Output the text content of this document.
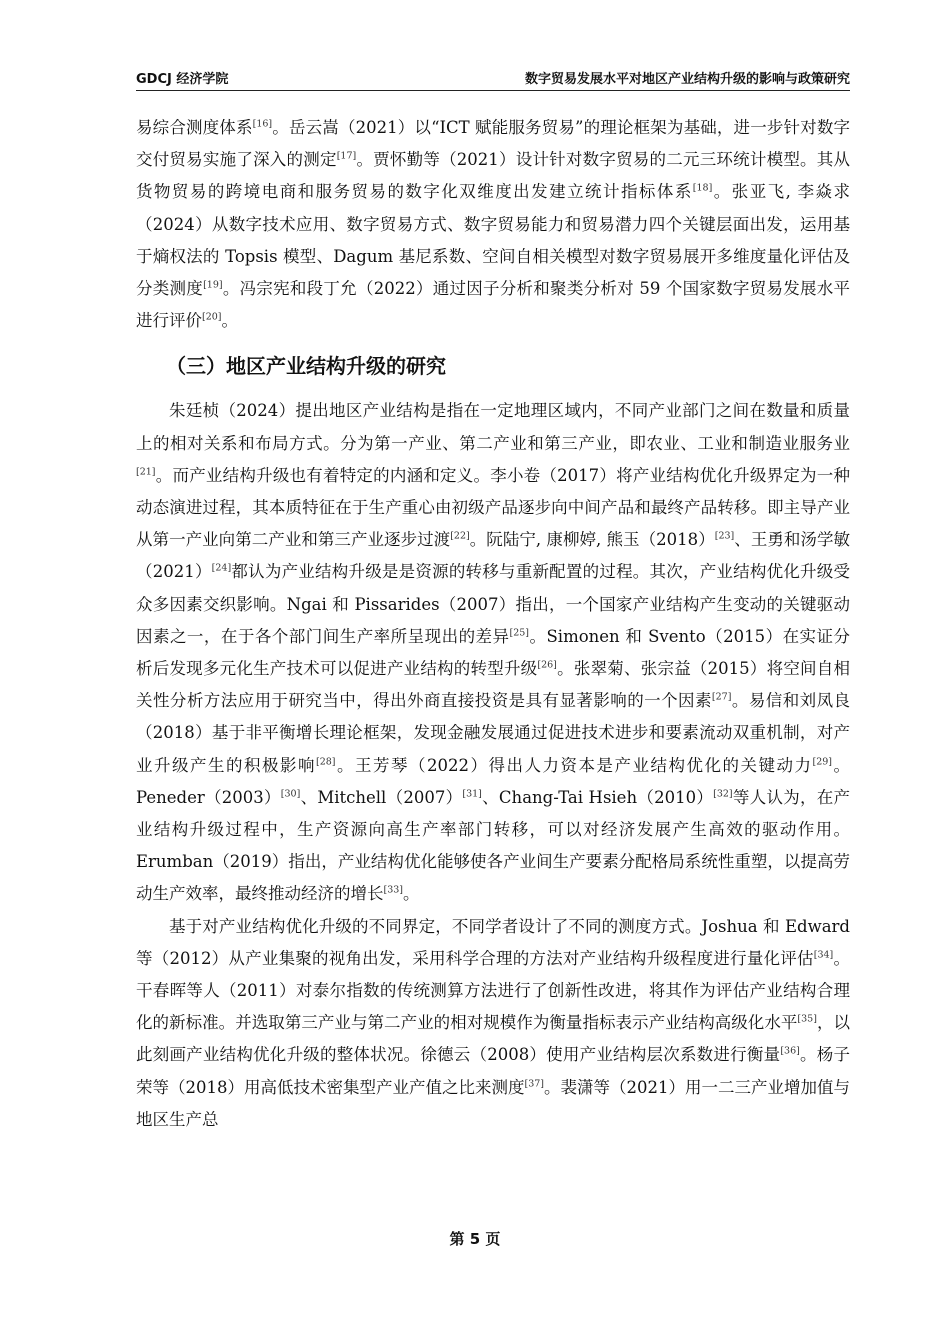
GDCJ 经济学院	数字贸易发展水平对地区产业结构升级的影响与政策研究

易综合测度体系[16]。岳云嵩（2021）以“ICT 赋能服务贸易”的理论框架为基础，进一步针对数字交付贸易实施了深入的测定[17]。贾怀勤等（2021）设计针对数字贸易的二元三环统计模型。其从货物贸易的跨境电商和服务贸易的数字化双维度出发建立统计指标体系[18]。张亚飞, 李焱求（2024）从数字技术应用、数字贸易方式、数字贸易能力和贸易潜力四个关键层面出发，运用基于熵权法的 Topsis 模型、Dagum 基尼系数、空间自相关模型对数字贸易展开多维度量化评估及分类测度[19]。冯宗宪和段丁允（2022）通过因子分析和聚类分析对 59 个国家数字贸易发展水平进行评价[20]。

（三）地区产业结构升级的研究

朱廷桢（2024）提出地区产业结构是指在一定地理区域内，不同产业部门之间在数量和质量上的相对关系和布局方式。分为第一产业、第二产业和第三产业，即农业、工业和制造业服务业[21]。而产业结构升级也有着特定的内涵和定义。李小卷（2017）将产业结构优化升级界定为一种动态演进过程，其本质特征在于生产重心由初级产品逐步向中间产品和最终产品转移。即主导产业从第一产业向第二产业和第三产业逐步过渡[22]。阮陆宁, 康柳婷, 熊玉（2018）[23]、王勇和汤学敏（2021）[24]都认为产业结构升级是是资源的转移与重新配置的过程。其次，产业结构优化升级受众多因素交织影响。Ngai 和 Pissarides（2007）指出，一个国家产业结构产生变动的关键驱动因素之一，在于各个部门间生产率所呈现出的差异[25]。Simonen 和 Svento（2015）在实证分析后发现多元化生产技术可以促进产业结构的转型升级[26]。张翠菊、张宗益（2015）将空间自相关性分析方法应用于研究当中，得出外商直接投资是具有显著影响的一个因素[27]。易信和刘凤良（2018）基于非平衡增长理论框架，发现金融发展通过促进技术进步和要素流动双重机制，对产业升级产生的积极影响[28]。王芳琴（2022）得出人力资本是产业结构优化的关键动力[29]。 Peneder（2003）[30]、Mitchell（2007）[31]、Chang-Tai Hsieh（2010）[32]等人认为，在产业结构升级过程中，生产资源向高生产率部门转移，可以对经济发展产生高效的驱动作用。Erumban（2019）指出，产业结构优化能够使各产业间生产要素分配格局系统性重塑，以提高劳动生产效率，最终推动经济的增长[33]。

基于对产业结构优化升级的不同界定，不同学者设计了不同的测度方式。Joshua 和 Edward 等（2012）从产业集聚的视角出发，采用科学合理的方法对产业结构升级程度进行量化评估[34]。干春晖等人（2011）对泰尔指数的传统测算方法进行了创新性改进，将其作为评估产业结构合理化的新标准。并选取第三产业与第二产业的相对规模作为衡量指标表示产业结构高级化水平[35]，以此刻画产业结构优化升级的整体状况。徐德云（2008）使用产业结构层次系数进行衡量[36]。杨子荣等（2018）用高低技术密集型产业产值之比来测度[37]。裴潇等（2021）用一二三产业增加值与地区生产总

第 5 页
